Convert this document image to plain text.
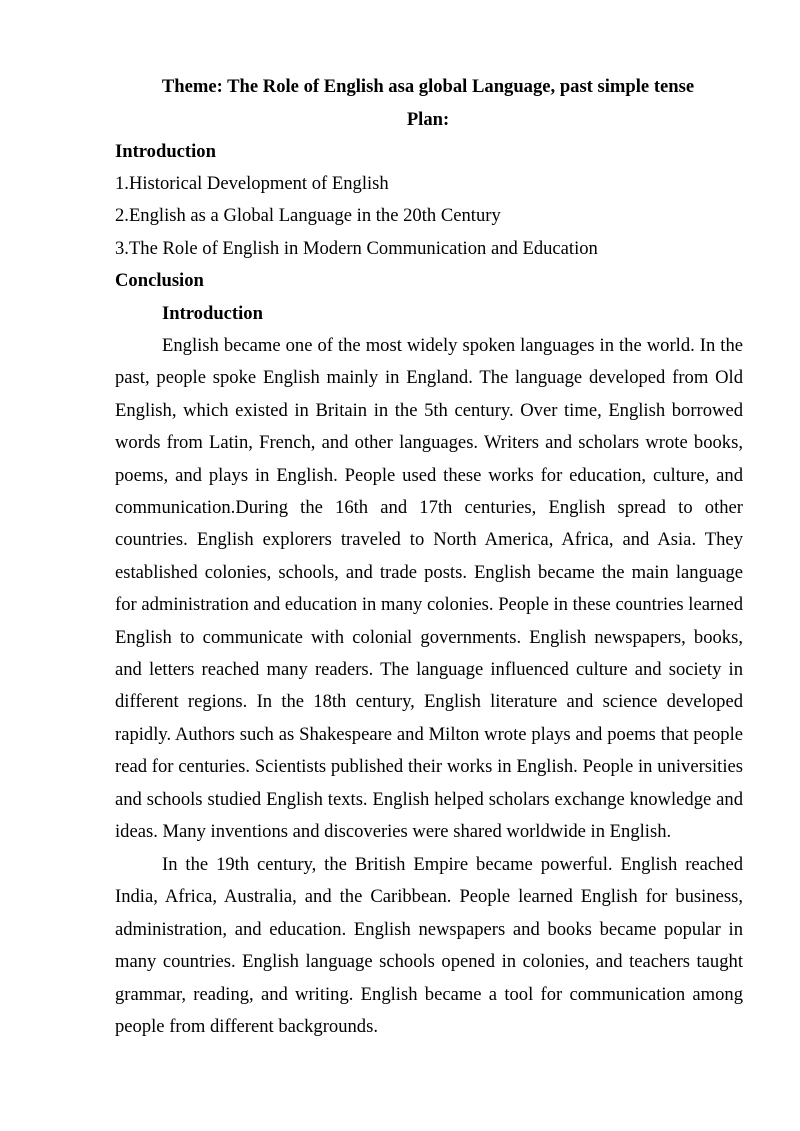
Theme: The Role of English asa global Language, past simple tense

Plan:

Introduction

1.Historical Development of English

2.English as a Global Language in the 20th Century

3.The Role of English in Modern Communication and Education

Conclusion

Introduction

English became one of the most widely spoken languages in the world. In the past, people spoke English mainly in England. The language developed from Old English, which existed in Britain in the 5th century. Over time, English borrowed words from Latin, French, and other languages. Writers and scholars wrote books, poems, and plays in English. People used these works for education, culture, and communication.During the 16th and 17th centuries, English spread to other countries. English explorers traveled to North America, Africa, and Asia. They established colonies, schools, and trade posts. English became the main language for administration and education in many colonies. People in these countries learned English to communicate with colonial governments. English newspapers, books, and letters reached many readers. The language influenced culture and society in different regions. In the 18th century, English literature and science developed rapidly. Authors such as Shakespeare and Milton wrote plays and poems that people read for centuries. Scientists published their works in English. People in universities and schools studied English texts. English helped scholars exchange knowledge and ideas. Many inventions and discoveries were shared worldwide in English.

In the 19th century, the British Empire became powerful. English reached India, Africa, Australia, and the Caribbean. People learned English for business, administration, and education. English newspapers and books became popular in many countries. English language schools opened in colonies, and teachers taught grammar, reading, and writing. English became a tool for communication among people from different backgrounds.
